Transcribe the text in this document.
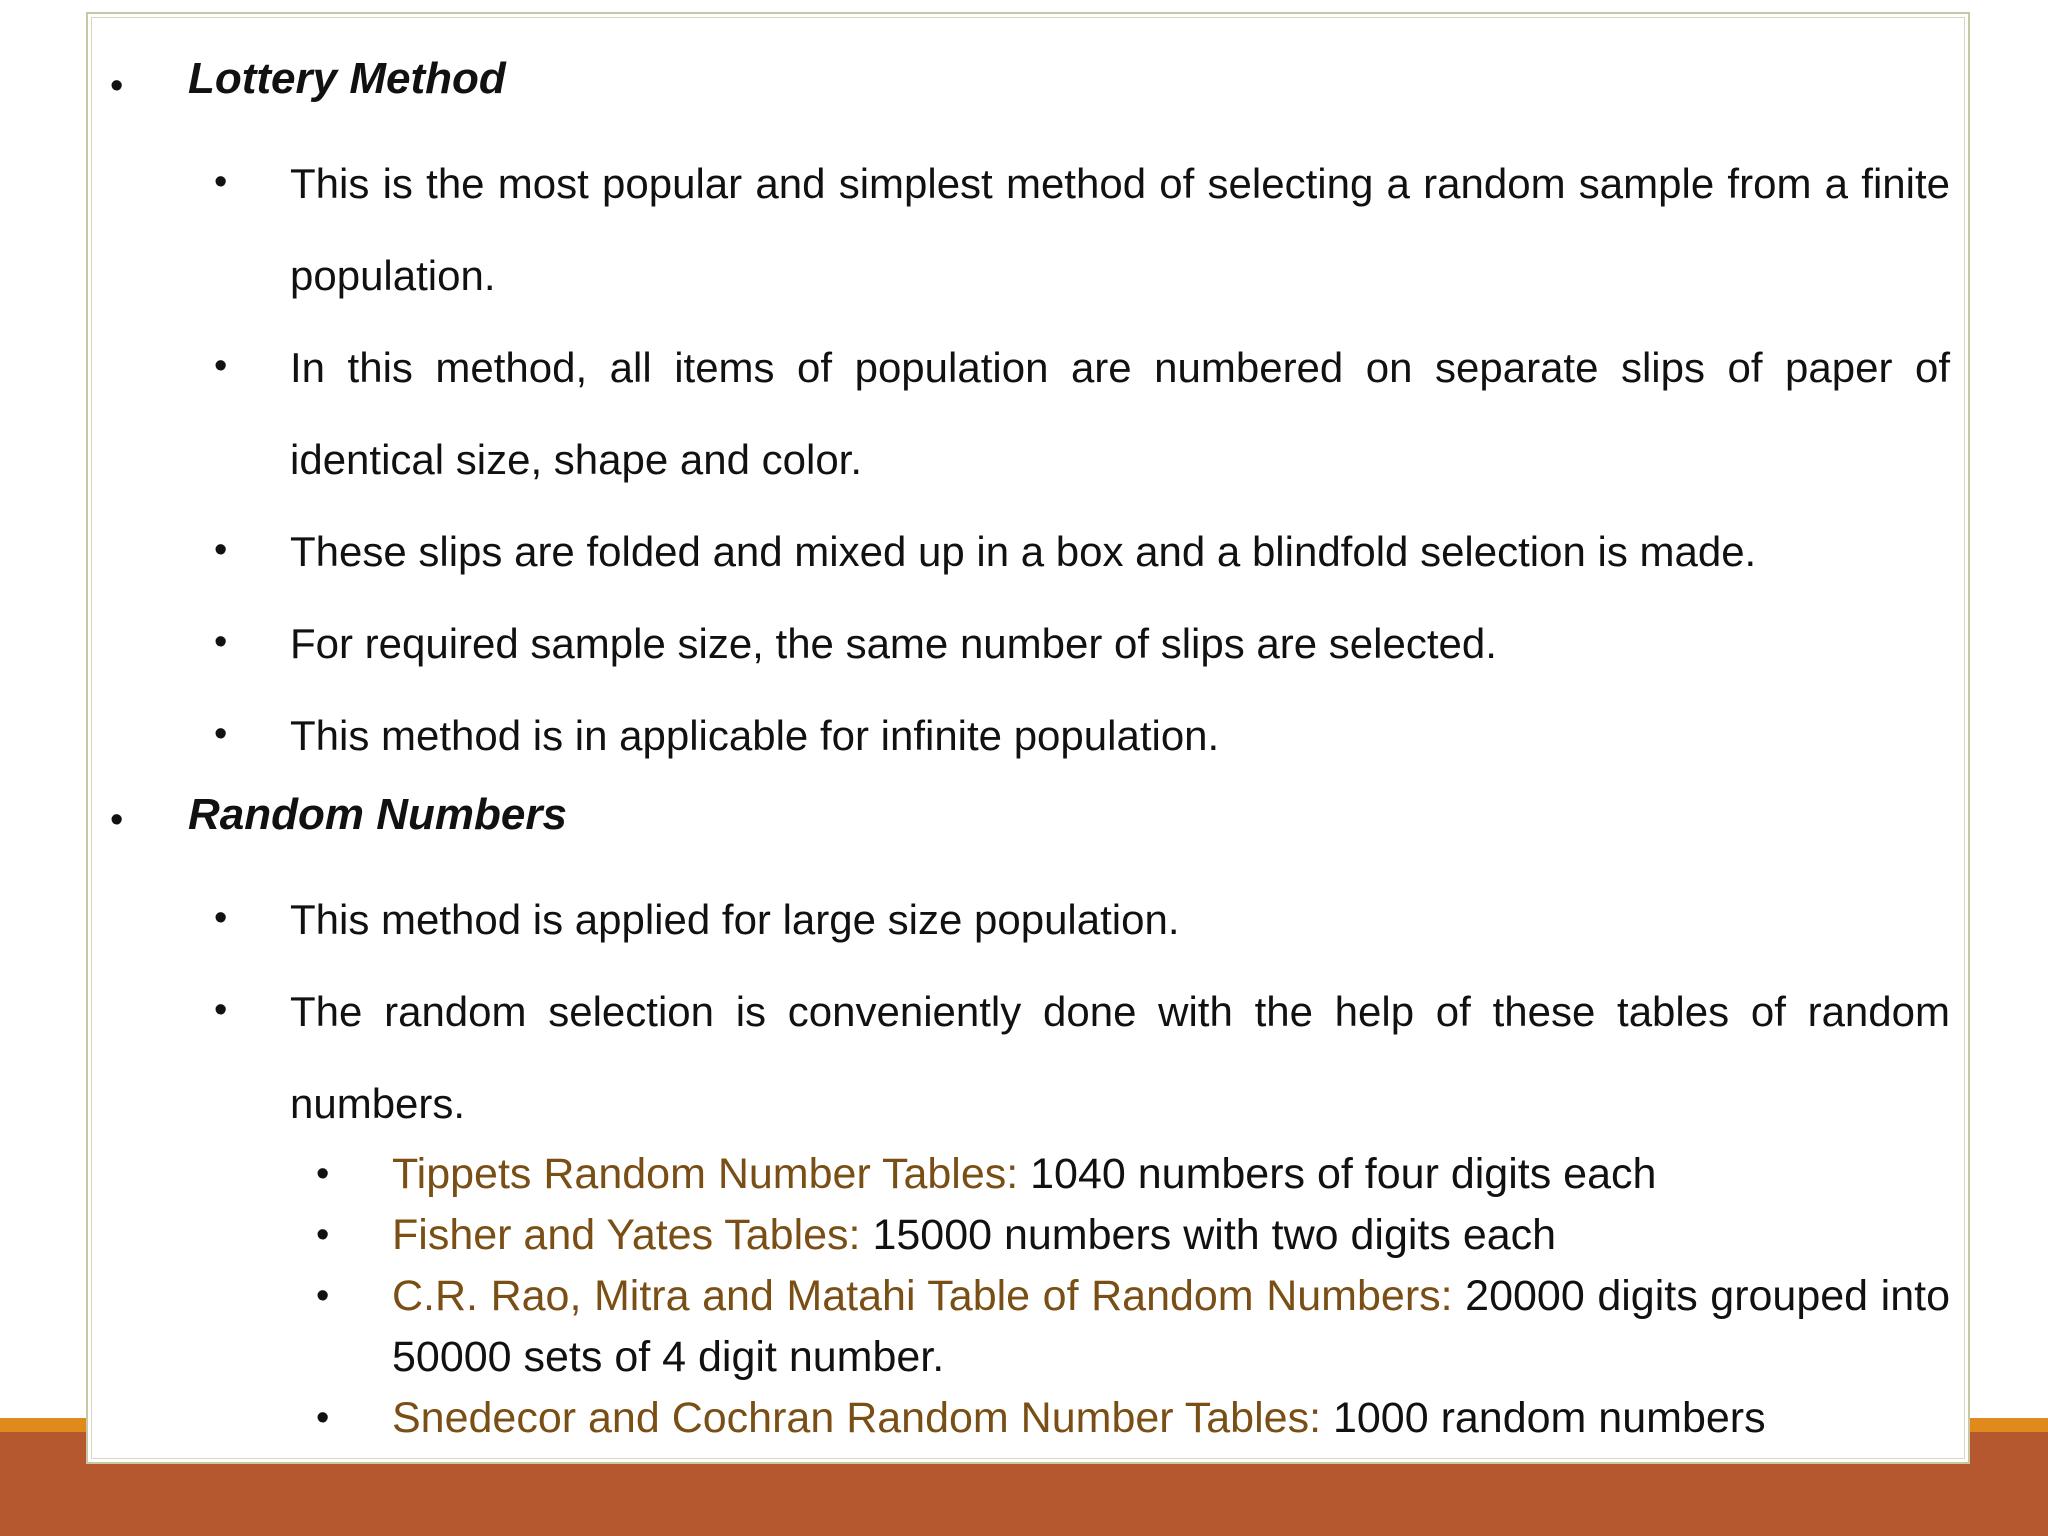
• Lottery Method
• This is the most popular and simplest method of selecting a random sample from a finite population.
• In this method, all items of population are numbered on separate slips of paper of identical size, shape and color.
• These slips are folded and mixed up in a box and a blindfold selection is made.
• For required sample size, the same number of slips are selected.
• This method is in applicable for infinite population.
• Random Numbers
• This method is applied for large size population.
• The random selection is conveniently done with the help of these tables of random numbers.
• Tippets Random Number Tables: 1040 numbers of four digits each
• Fisher and Yates Tables: 15000 numbers with two digits each
• C.R. Rao, Mitra and Matahi Table of Random Numbers: 20000 digits grouped into 50000 sets of 4 digit number.
• Snedecor and Cochran Random Number Tables: 1000 random numbers
